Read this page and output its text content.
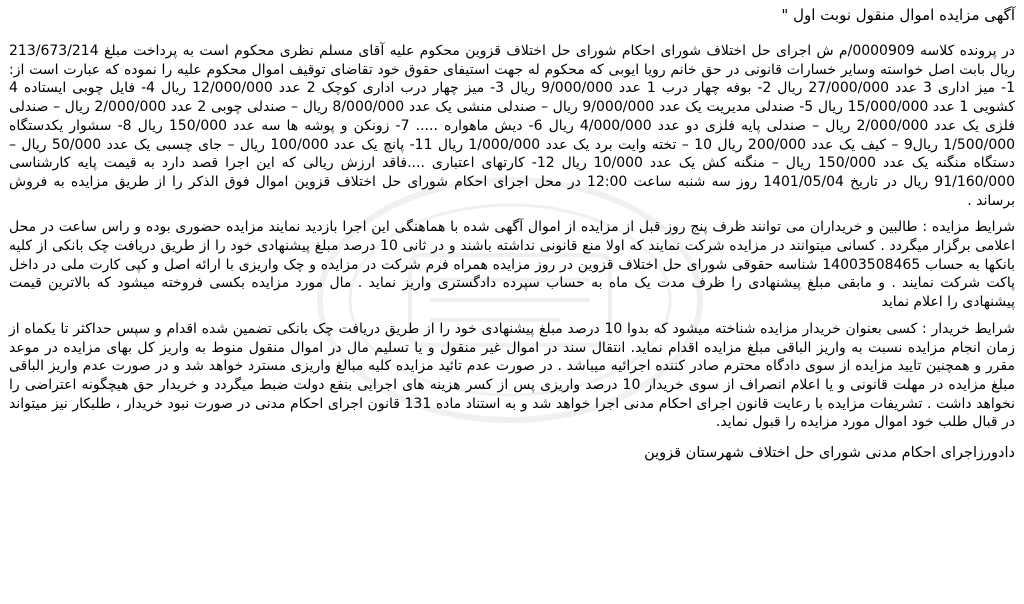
آگهی مزایده اموال منقول نوبت اول "

در پرونده کلاسه 0000909/م ش اجرای حل اختلاف شورای احکام شورای حل اختلاف قزوین محکوم علیه آقای مسلم نظری محکوم است به پرداخت مبلغ 213/673/214 ریال بابت اصل خواسته وسایر خسارات قانونی در حق خانم رویا ایوبی که محکوم له جهت استیفای حقوق خود تقاضای توقیف اموال محکوم علیه را نموده که عبارت است از: 1- میز اداری 3 عدد 27/000/000 ریال 2- بوفه چهار درب 1 عدد 9/000/000 ریال 3- میز چهار درب اداری کوچک 2 عدد 12/000/000 ریال 4- فایل چوبی ایستاده 4 کشویی 1 عدد 15/000/000 ریال 5- صندلی مدیریت یک عدد 9/000/000 ریال – صندلی منشی یک عدد 8/000/000 ریال – صندلی چوبی 2 عدد 2/000/000 ریال – صندلی فلزی یک عدد 2/000/000 ریال – صندلی پایه فلزی دو عدد 4/000/000 ریال 6- دیش ماهواره ..... 7- زونکن و پوشه ها سه عدد 150/000 ریال 8- سشوار یکدستگاه 1/500/000 ریال9 – کیف یک عدد 200/000 ریال 10 – تخته وایت برد یک عدد 1/000/000 ریال 11- پانچ یک عدد 100/000 ریال – جای چسبی یک عدد 50/000 ریال – دستگاه منگنه یک عدد 150/000 ریال – منگنه کش یک عدد 10/000 ریال 12- کارتهای اعتباری ....فاقد ارزش ریالی که این اجرا قصد دارد به قیمت پایه کارشناسی 91/160/000 ریال در تاریخ 1401/05/04 روز سه شنبه ساعت 12:00 در محل اجرای احکام شورای حل اختلاف قزوین اموال فوق الذکر را از طریق مزایده به فروش برساند .

شرایط مزایده : طالبین و خریداران می توانند ظرف پنج روز قبل از مزایده از اموال آگهی شده با هماهنگی این اجرا بازدید نمایند مزایده حضوری بوده و راس ساعت در محل اعلامی برگزار میگردد . کسانی میتوانند در مزایده شرکت نمایند که اولا منع قانونی نداشته باشند و در ثانی 10 درصد مبلغ پیشنهادی خود را از طریق دریافت چک بانکی از کلیه بانکها به حساب 14003508465 شناسه حقوقی شورای حل اختلاف قزوین در روز مزایده همراه فرم شرکت در مزایده و چک واریزی با ارائه اصل و کپی کارت ملی در داخل پاکت شرکت نمایند . و مابقی مبلغ پیشنهادی را ظرف مدت یک ماه به حساب سپرده دادگستری واریز نماید . مال مورد مزایده بکسی فروخته میشود که بالاترین قیمت پیشنهادی را اعلام نماید

شرایط خریدار : کسی بعنوان خریدار مزایده شناخته میشود که بدوا 10 درصد مبلغ پیشنهادی خود را از طریق دریافت چک بانکی تضمین شده اقدام و سپس حداکثر تا یکماه از زمان انجام مزایده نسبت به واریز الباقی مبلغ مزایده اقدام نماید. انتقال سند در اموال غیر منقول و یا تسلیم مال در اموال منقول منوط به واریز کل بهای مزایده در موعد مقرر و همچنین تایید مزایده از سوی دادگاه محترم صادر کننده اجرائیه میباشد . در صورت عدم تائید مزایده کلیه مبالغ واریزی مسترد خواهد شد و در صورت عدم واریز الباقی مبلغ مزایده در مهلت قانونی و یا اعلام انصراف از سوی خریدار 10 درصد واریزی پس از کسر هزینه های اجرایی بنفع دولت ضبط میگردد و خریدار حق هیچگونه اعتراضی را نخواهد داشت . تشریفات مزایده با رعایت قانون اجرای احکام مدنی اجرا خواهد شد و به استناد ماده 131 قانون اجرای احکام مدنی در صورت نبود خریدار ، طلبکار نیز میتواند در قبال طلب خود اموال مورد مزایده را قبول نماید.

دادورزاجرای احکام مدنی شورای حل اختلاف شهرستان قزوین
